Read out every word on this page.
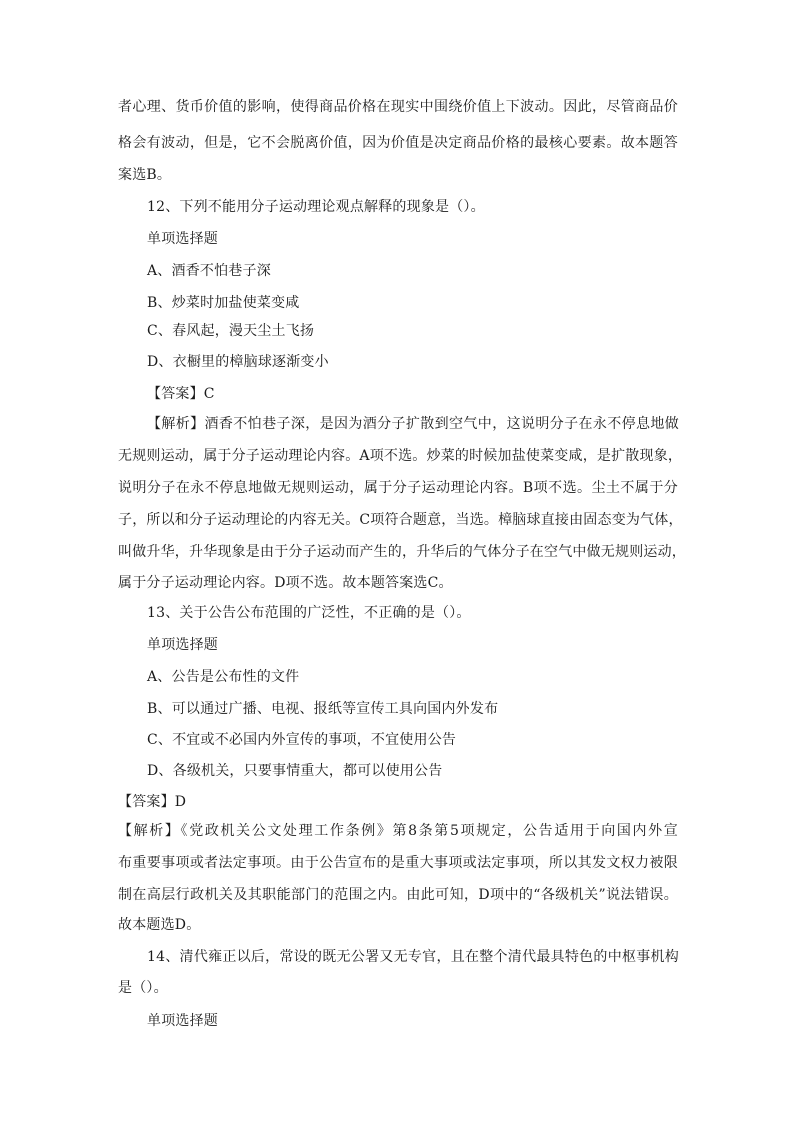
者心理、货币价值的影响，使得商品价格在现实中围绕价值上下波动。因此，尽管商品价
格会有波动，但是，它不会脱离价值，因为价值是决定商品价格的最核心要素。故本题答
案选B。
12、下列不能用分子运动理论观点解释的现象是（）。
单项选择题
A、酒香不怕巷子深
B、炒菜时加盐使菜变咸
C、春风起，漫天尘土飞扬
D、衣橱里的樟脑球逐渐变小
【答案】C
【解析】酒香不怕巷子深，是因为酒分子扩散到空气中，这说明分子在永不停息地做
无规则运动，属于分子运动理论内容。A项不选。炒菜的时候加盐使菜变咸，是扩散现象，
说明分子在永不停息地做无规则运动，属于分子运动理论内容。B项不选。尘土不属于分
子，所以和分子运动理论的内容无关。C项符合题意，当选。樟脑球直接由固态变为气体，
叫做升华，升华现象是由于分子运动而产生的，升华后的气体分子在空气中做无规则运动，
属于分子运动理论内容。D项不选。故本题答案选C。
13、关于公告公布范围的广泛性，不正确的是（）。
单项选择题
A、公告是公布性的文件
B、可以通过广播、电视、报纸等宣传工具向国内外发布
C、不宜或不必国内外宣传的事项，不宜使用公告
D、各级机关，只要事情重大，都可以使用公告
【答案】D
【解析】《党政机关公文处理工作条例》第8条第5项规定，公告适用于向国内外宣
布重要事项或者法定事项。由于公告宣布的是重大事项或法定事项，所以其发文权力被限
制在高层行政机关及其职能部门的范围之内。由此可知，D项中的“各级机关”说法错误。
故本题选D。
14、清代雍正以后，常设的既无公署又无专官，且在整个清代最具特色的中枢事机构
是（）。
单项选择题
